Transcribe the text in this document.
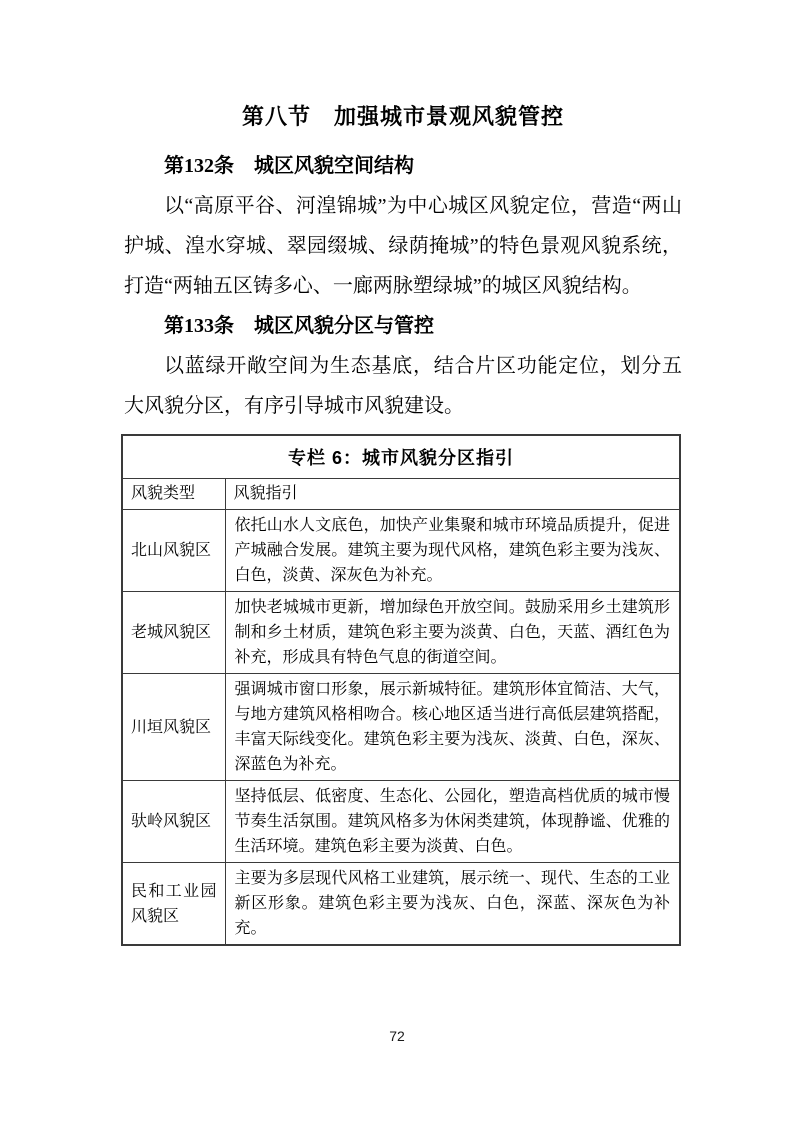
第八节　加强城市景观风貌管控
第132条　城区风貌空间结构

以“高原平谷、河湟锦城”为中心城区风貌定位，营造“两山护城、湟水穿城、翠园缀城、绿荫掩城”的特色景观风貌系统，打造“两轴五区铸多心、一廊两脉塑绿城”的城区风貌结构。

第133条　城区风貌分区与管控

以蓝绿开敞空间为生态基底，结合片区功能定位，划分五大风貌分区，有序引导城市风貌建设。

专栏 6：城市风貌分区指引	
风貌类型	风貌指引
北山风貌区	依托山水人文底色，加快产业集聚和城市环境品质提升，促进产城融合发展。建筑主要为现代风格，建筑色彩主要为浅灰、白色，淡黄、深灰色为补充。
老城风貌区	加快老城城市更新，增加绿色开放空间。鼓励采用乡土建筑形制和乡土材质，建筑色彩主要为淡黄、白色，天蓝、酒红色为补充，形成具有特色气息的街道空间。
川垣风貌区	强调城市窗口形象，展示新城特征。建筑形体宜简洁、大气，与地方建筑风格相吻合。核心地区适当进行高低层建筑搭配，丰富天际线变化。建筑色彩主要为浅灰、淡黄、白色，深灰、深蓝色为补充。
驮岭风貌区	坚持低层、低密度、生态化、公园化，塑造高档优质的城市慢节奏生活氛围。建筑风格多为休闲类建筑，体现静谧、优雅的生活环境。建筑色彩主要为淡黄、白色。
民和工业园风貌区	主要为多层现代风格工业建筑，展示统一、现代、生态的工业新区形象。建筑色彩主要为浅灰、白色，深蓝、深灰色为补充。
72
